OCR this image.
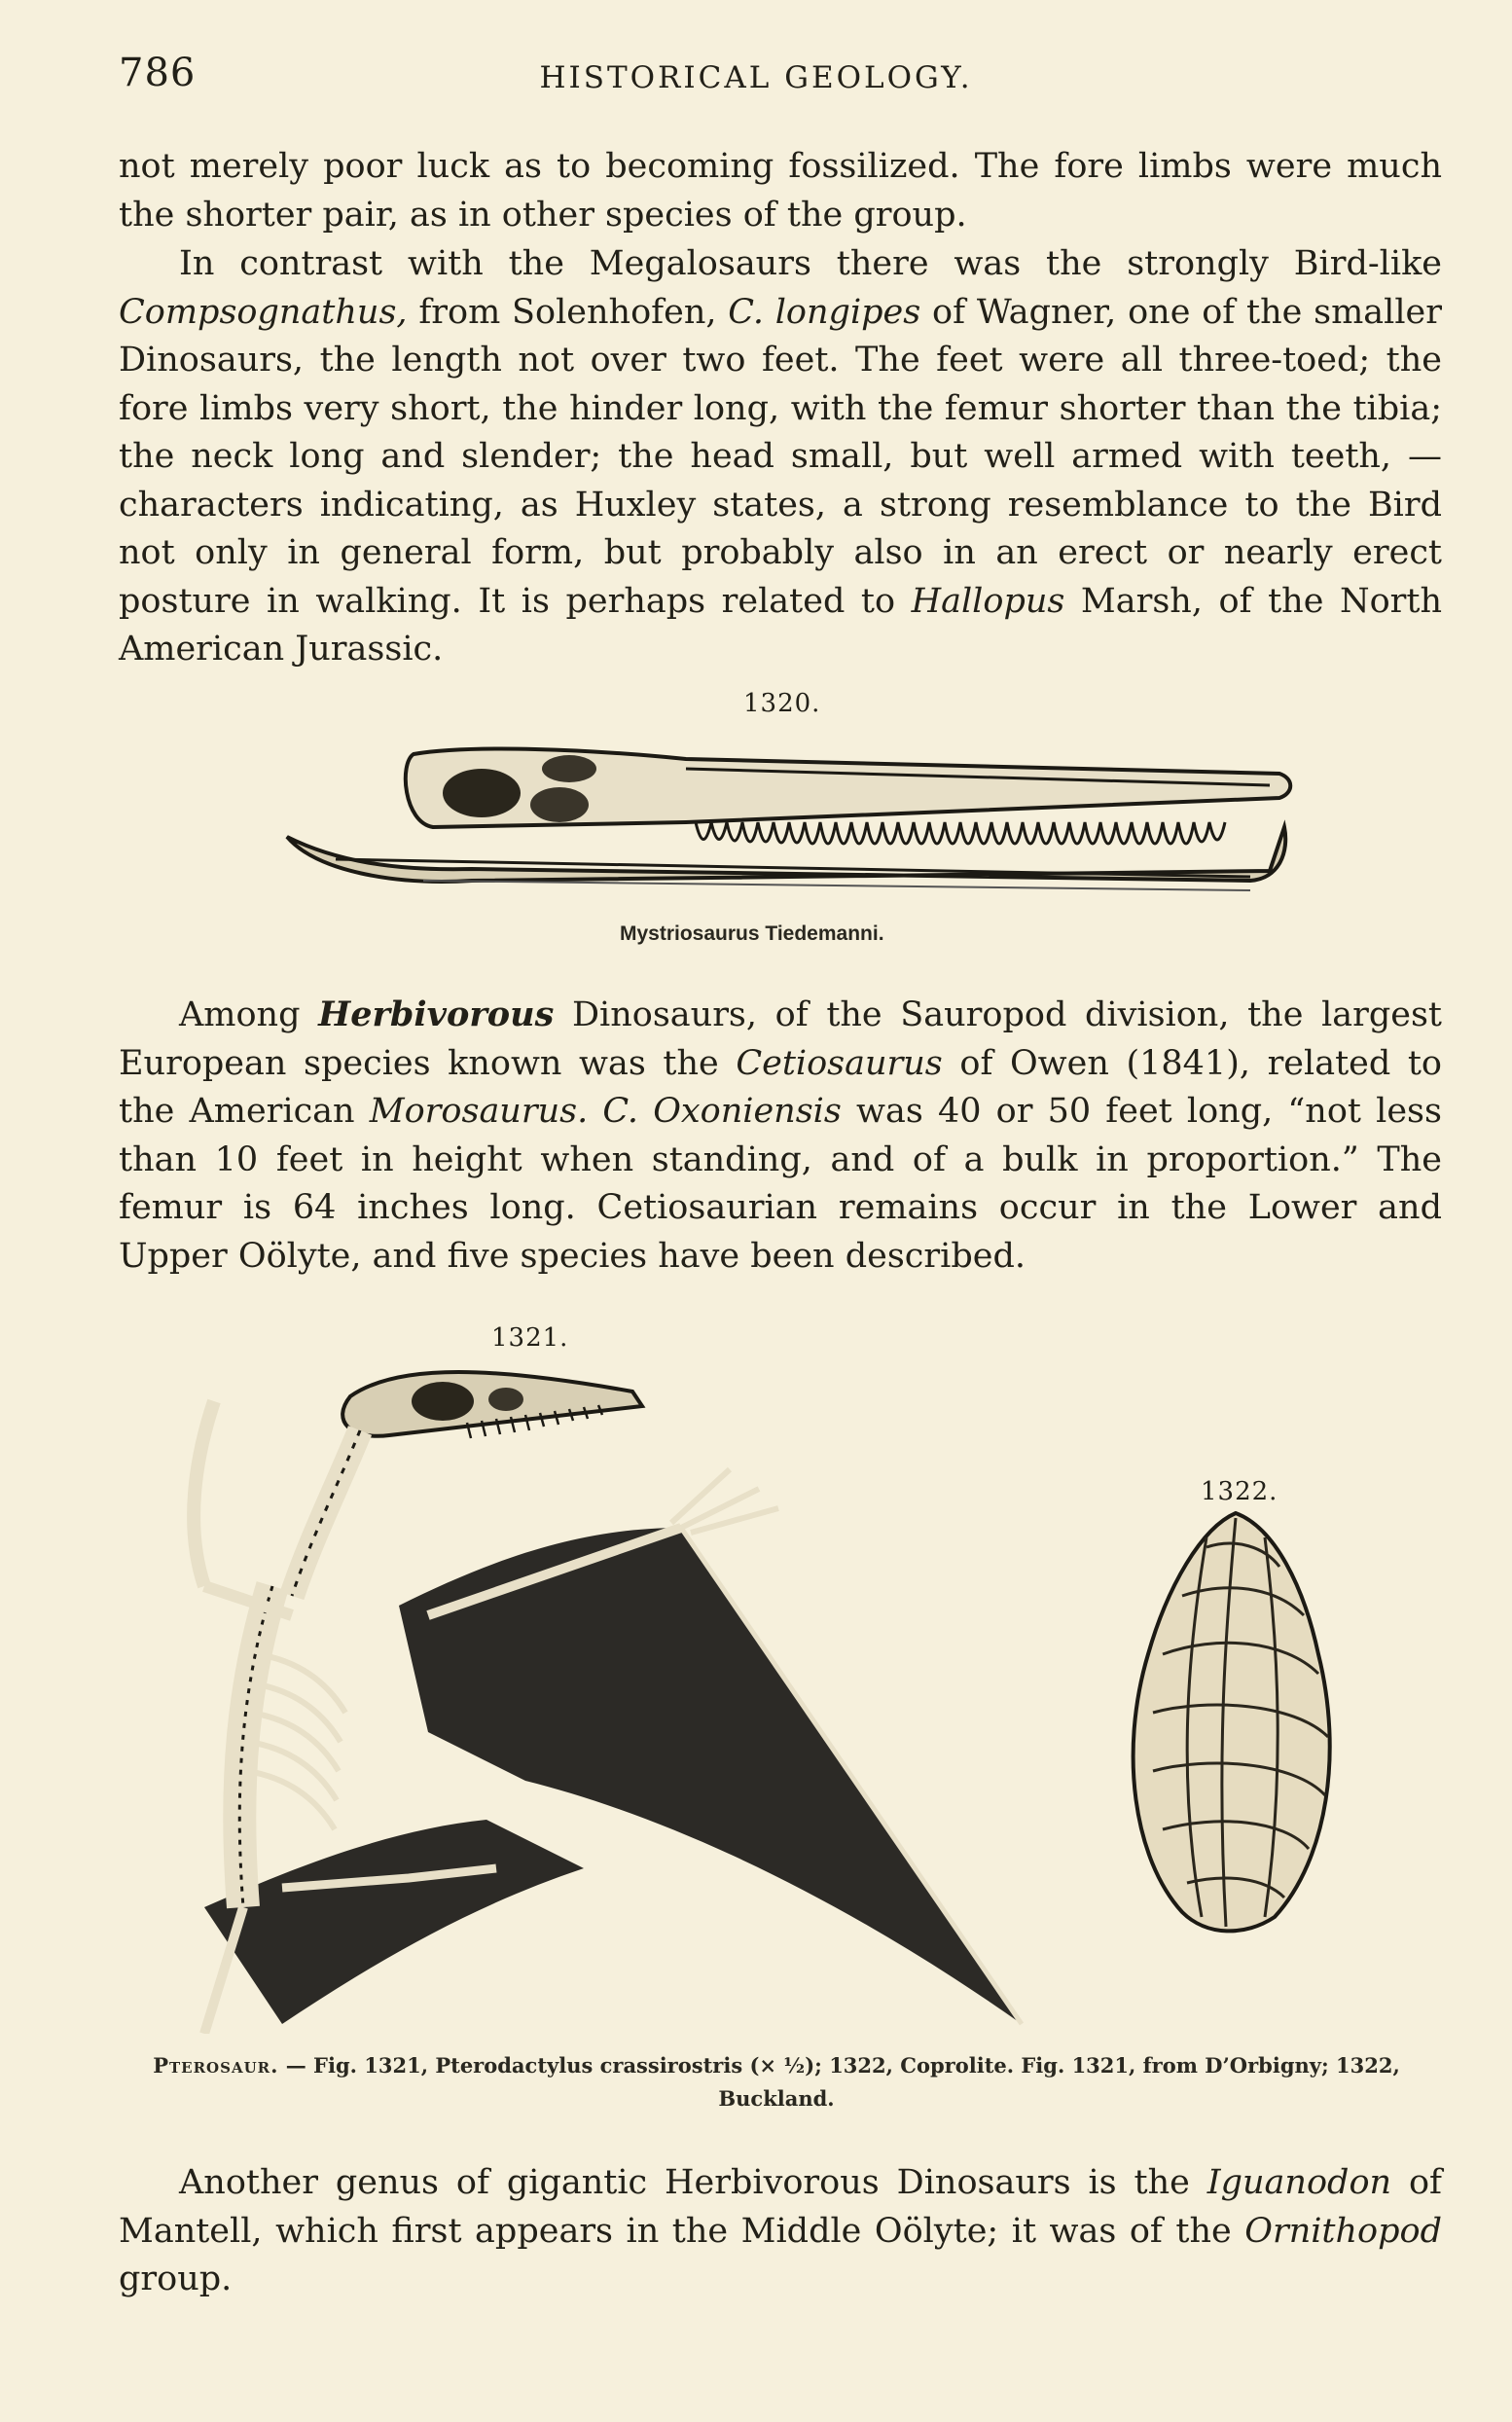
786	HISTORICAL GEOLOGY.

not merely poor luck as to becoming fossilized. The fore limbs were much the shorter pair, as in other species of the group.

In contrast with the Megalosaurs there was the strongly Bird-like Compsognathus, from Solenhofen, C. longipes of Wagner, one of the smaller Dinosaurs, the length not over two feet. The feet were all three-toed; the fore limbs very short, the hinder long, with the femur shorter than the tibia; the neck long and slender; the head small, but well armed with teeth, — characters indicating, as Huxley states, a strong resemblance to the Bird not only in general form, but probably also in an erect or nearly erect posture in walking. It is perhaps related to Hallopus Marsh, of the North American Jurassic.

1320.
Mystriosaurus Tiedemanni.

Among Herbivorous Dinosaurs, of the Sauropod division, the largest European species known was the Cetiosaurus of Owen (1841), related to the American Morosaurus. C. Oxoniensis was 40 or 50 feet long, “not less than 10 feet in height when standing, and of a bulk in proportion.” The femur is 64 inches long. Cetiosaurian remains occur in the Lower and Upper Oölyte, and five species have been described.

1321.
1322.
Pterosaur. — Fig. 1321, Pterodactylus crassirostris (× ½); 1322, Coprolite. Fig. 1321, from D’Orbigny; 1322, Buckland.

Another genus of gigantic Herbivorous Dinosaurs is the Iguanodon of Mantell, which first appears in the Middle Oölyte; it was of the Ornithopod group.
